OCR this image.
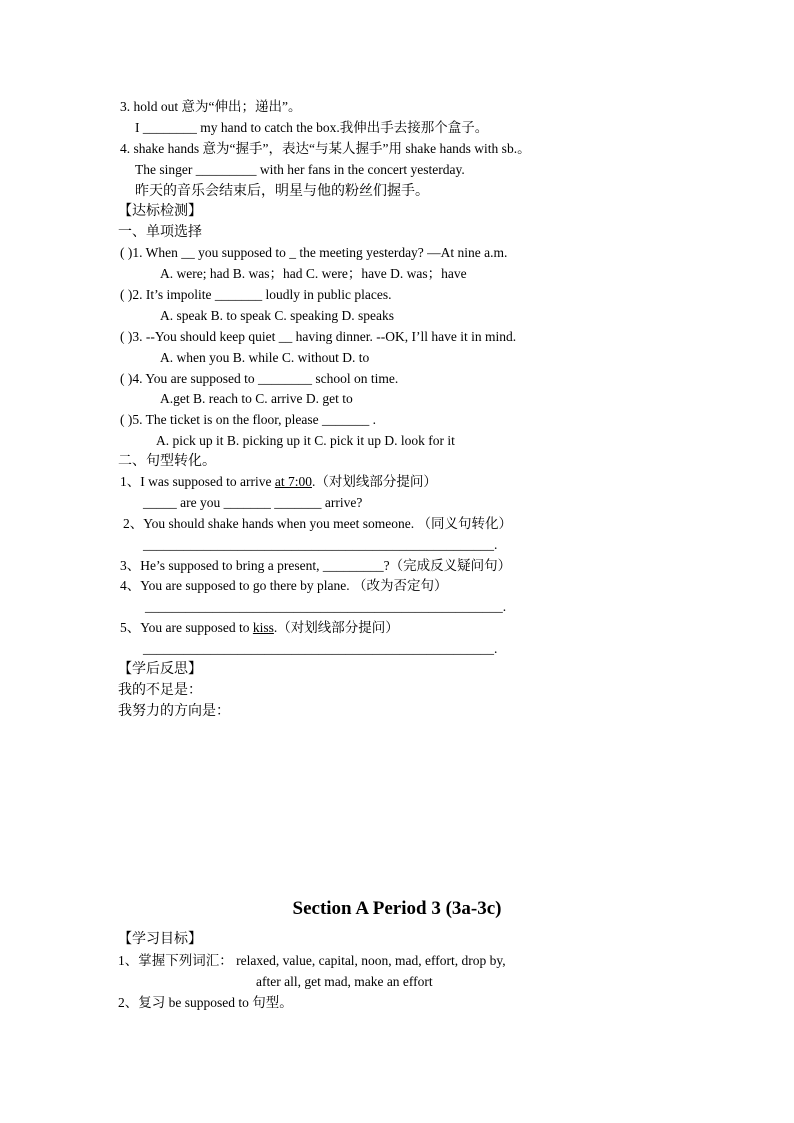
3. hold out 意为“伸出；递出”。
I ________ my hand to catch the box.我伸出手去接那个盒子。
4. shake hands 意为“握手”，表达“与某人握手”用 shake hands with sb.。
The singer _________ with her fans in the concert yesterday.
昨天的音乐会结束后，明星与他的粉丝们握手。
【达标检测】
一、单项选择
( )1. When __ you supposed to _ the meeting yesterday? —At nine a.m.
A. were; had B. was；had C. were；have D. was；have
( )2. It’s impolite _______ loudly in public places.
A. speak B. to speak C. speaking D. speaks
( )3. --You should keep quiet __ having dinner. --OK, I’ll have it in mind.
A. when you B. while C. without D. to
( )4. You are supposed to ________ school on time.
A.get B. reach to C. arrive D. get to
( )5. The ticket is on the floor, please _______ .
A. pick up it B. picking up it C. pick it up D. look for it
二、句型转化。
1、I was supposed to arrive at 7:00.（对划线部分提问）
_____ are you _______ _______ arrive?
2、You should shake hands when you meet someone. （同义句转化）
____________________________________________________.
3、He’s supposed to bring a present, _________?（完成反义疑问句）
4、You are supposed to go there by plane. （改为否定句）
_____________________________________________________.
5、You are supposed to kiss.（对划线部分提问）
____________________________________________________.
【学后反思】
我的不足是：
我努力的方向是：
Section A Period 3 (3a-3c)
【学习目标】
1、掌握下列词汇： relaxed, value, capital, noon, mad, effort, drop by,
after all, get mad, make an effort
2、复习 be supposed to 句型。
